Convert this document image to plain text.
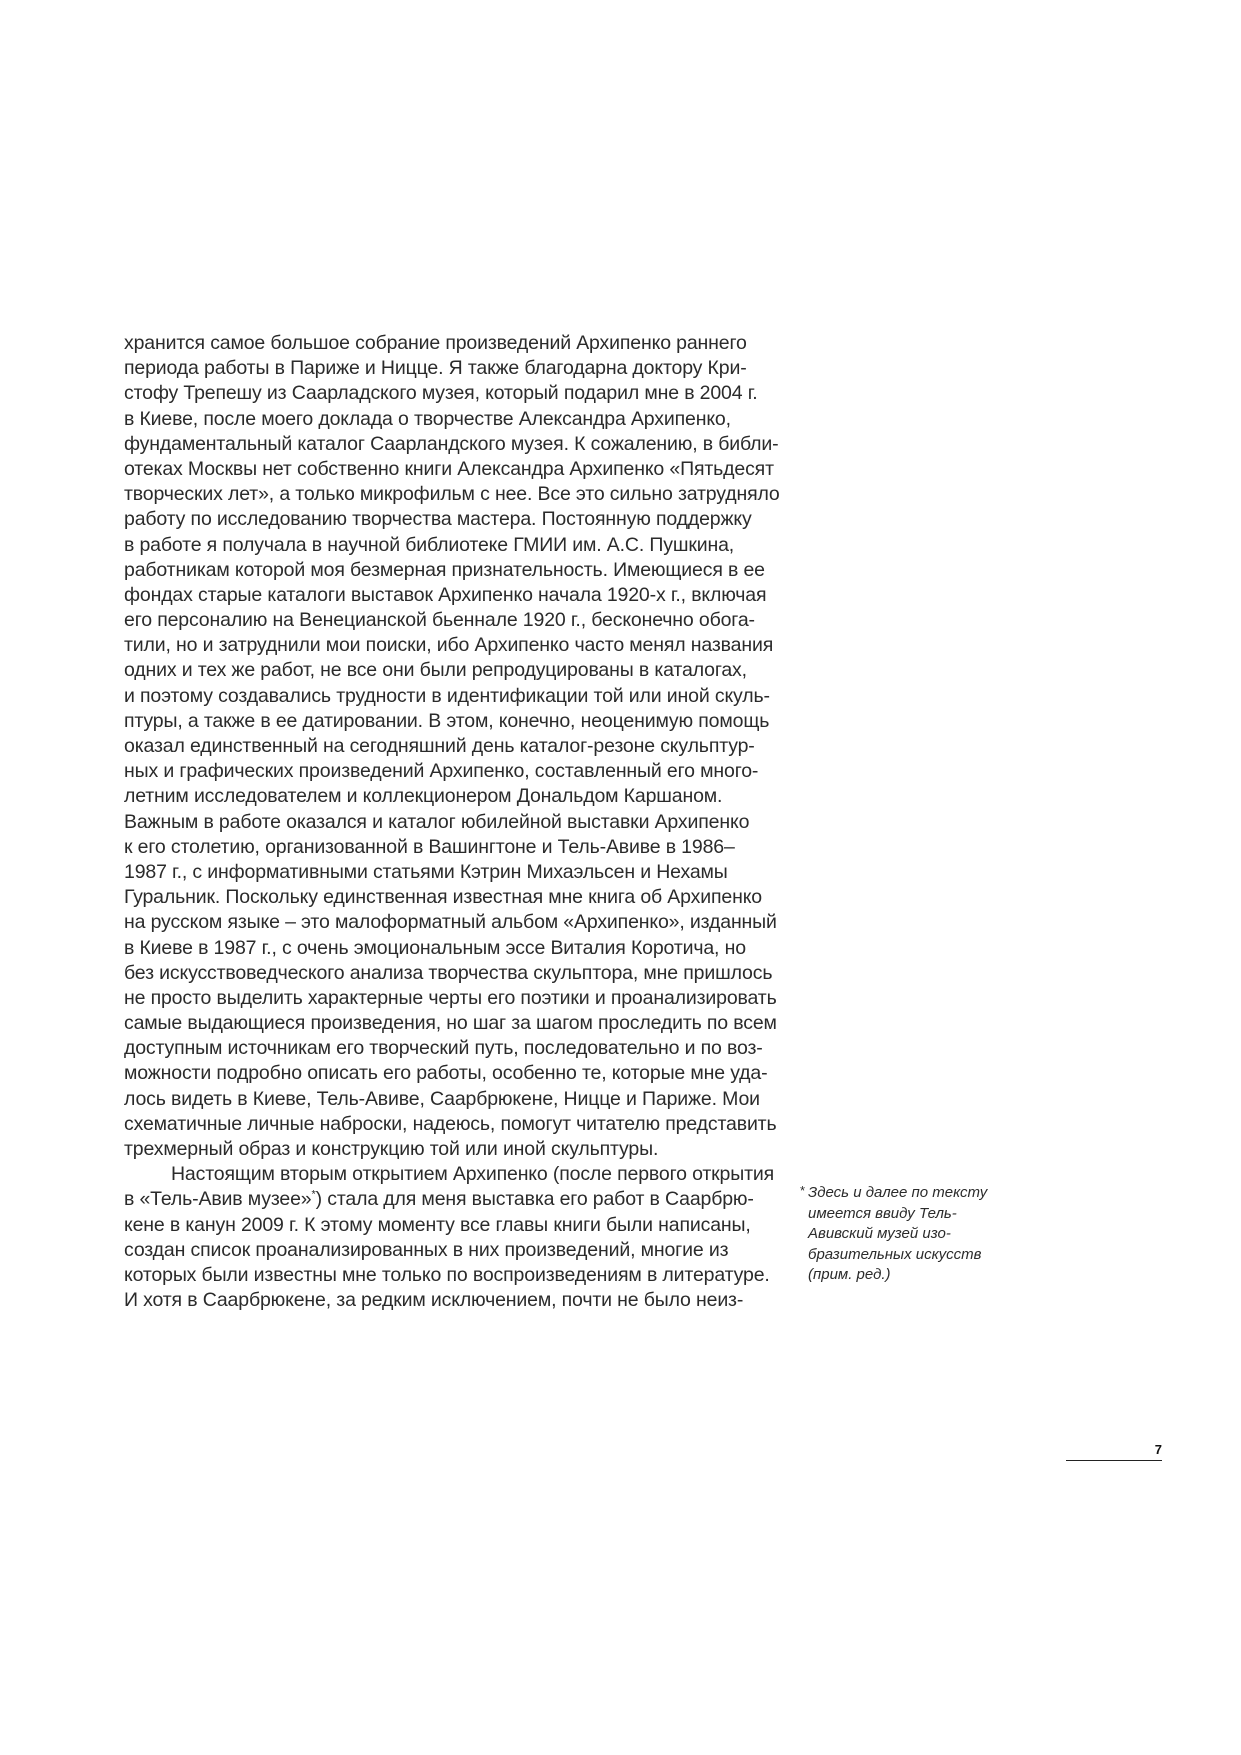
хранится самое большое собрание произведений Архипенко раннего
периода работы в Париже и Ницце. Я также благодарна доктору Кри-
стофу Трепешу из Саарладского музея, который подарил мне в 2004 г.
в Киеве, после моего доклада о творчестве Александра Архипенко,
фундаментальный каталог Саарландского музея. К сожалению, в библи-
отеках Москвы нет собственно книги Александра Архипенко «Пятьдесят
творческих лет», а только микрофильм с нее. Все это сильно затрудняло
работу по исследованию творчества мастера. Постоянную поддержку
в работе я получала в научной библиотеке ГМИИ им. А.С. Пушкина,
работникам которой моя безмерная признательность. Имеющиеся в ее
фондах старые каталоги выставок Архипенко начала 1920-х г., включая
его персоналию на Венецианской бьеннале 1920 г., бесконечно обога-
тили, но и затруднили мои поиски, ибо Архипенко часто менял названия
одних и тех же работ, не все они были репродуцированы в каталогах,
и поэтому создавались трудности в идентификации той или иной скуль-
птуры, а также в ее датировании. В этом, конечно, неоценимую помощь
оказал единственный на сегодняшний день каталог-резоне скульптур-
ных и графических произведений Архипенко, составленный его много-
летним исследователем и коллекционером Дональдом Каршаном.
Важным в работе оказался и каталог юбилейной выставки Архипенко
к его столетию, организованной в Вашингтоне и Тель-Авиве в 1986–
1987 г., с информативными статьями Кэтрин Михаэльсен и Нехамы
Гуральник. Поскольку единственная известная мне книга об Архипенко
на русском языке – это малоформатный альбом «Архипенко», изданный
в Киеве в 1987 г., с очень эмоциональным эссе Виталия Коротича, но
без искусствоведческого анализа творчества скульптора, мне пришлось
не просто выделить характерные черты его поэтики и проанализировать
самые выдающиеся произведения, но шаг за шагом проследить по всем
доступным источникам его творческий путь, последовательно и по воз-
можности подробно описать его работы, особенно те, которые мне уда-
лось видеть в Киеве, Тель-Авиве, Саарбрюкене, Ницце и Париже. Мои
схематичные личные наброски, надеюсь, помогут читателю представить
трехмерный образ и конструкцию той или иной скульптуры.
Настоящим вторым открытием Архипенко (после первого открытия
в «Тель-Авив музее»*) стала для меня выставка его работ в Саарбрю-
кене в канун 2009 г. К этому моменту все главы книги были написаны,
создан список проанализированных в них произведений, многие из
которых были известны мне только по воспроизведениям в литературе.
И хотя в Саарбрюкене, за редким исключением, почти не было неиз-
* Здесь и далее по тексту
имеется ввиду Тель-
Авивский музей изо-
бразительных искусств
(прим. ред.)
7
